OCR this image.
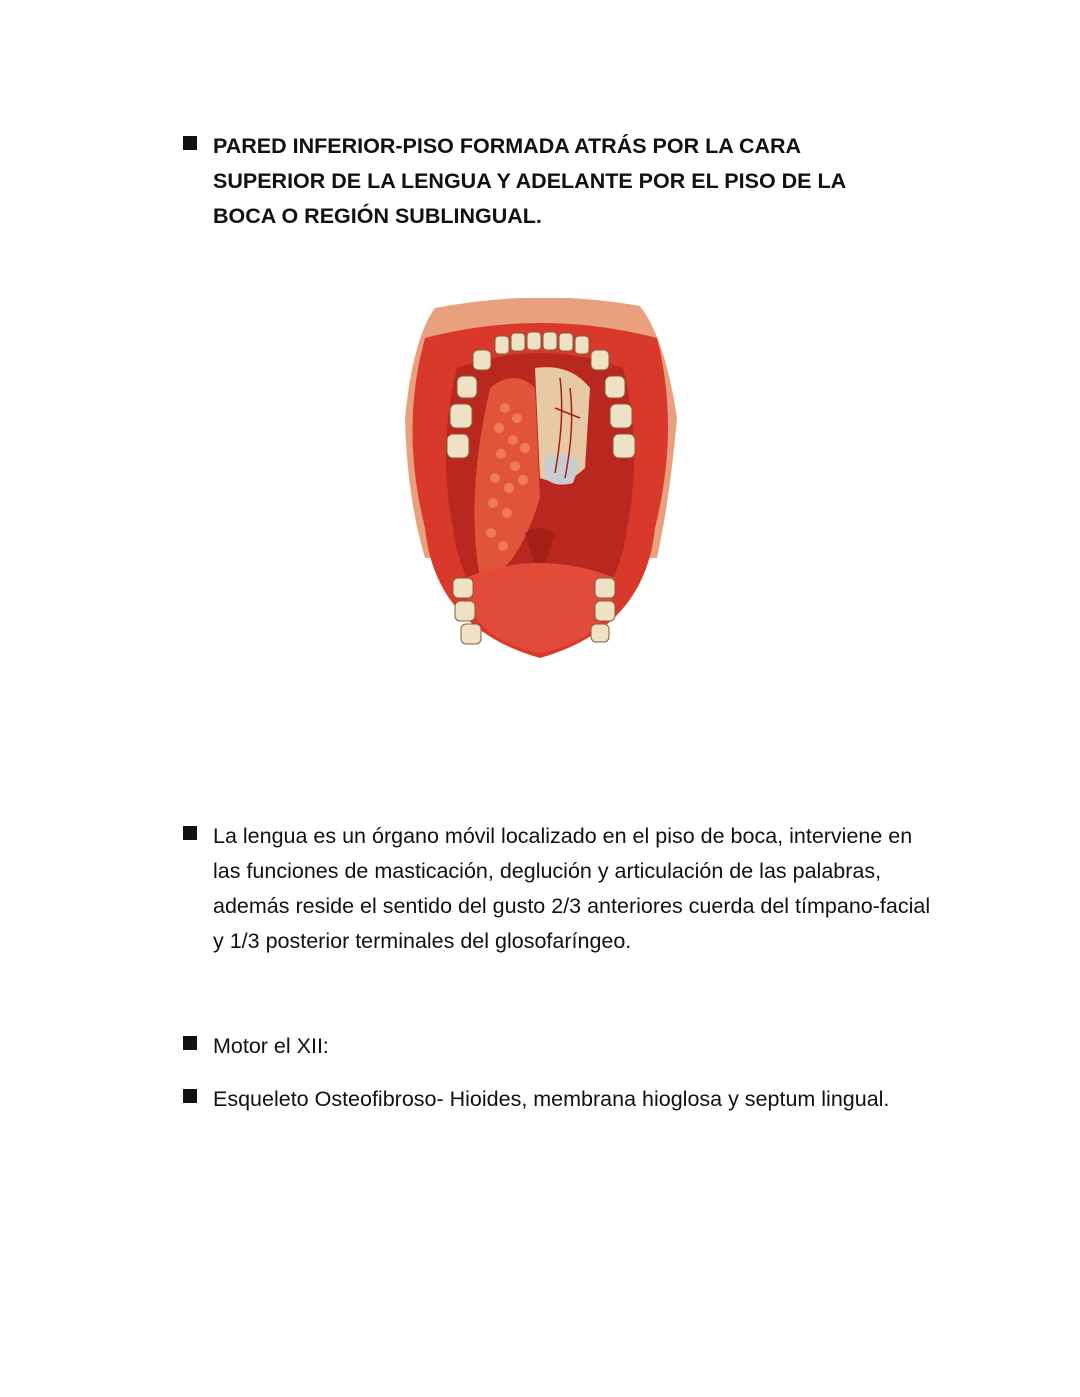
PARED INFERIOR-PISO FORMADA ATRÁS POR LA CARA SUPERIOR DE LA LENGUA Y ADELANTE POR EL PISO DE LA BOCA O REGIÓN SUBLINGUAL.
La lengua es un órgano móvil localizado en el piso de boca, interviene en las funciones de masticación, deglución y articulación de las palabras, además reside el sentido del gusto 2/3 anteriores cuerda del tímpano-facial y 1/3 posterior terminales del glosofaríngeo.
Motor el XII:
Esqueleto Osteofibroso- Hioides, membrana hioglosa y septum lingual.
